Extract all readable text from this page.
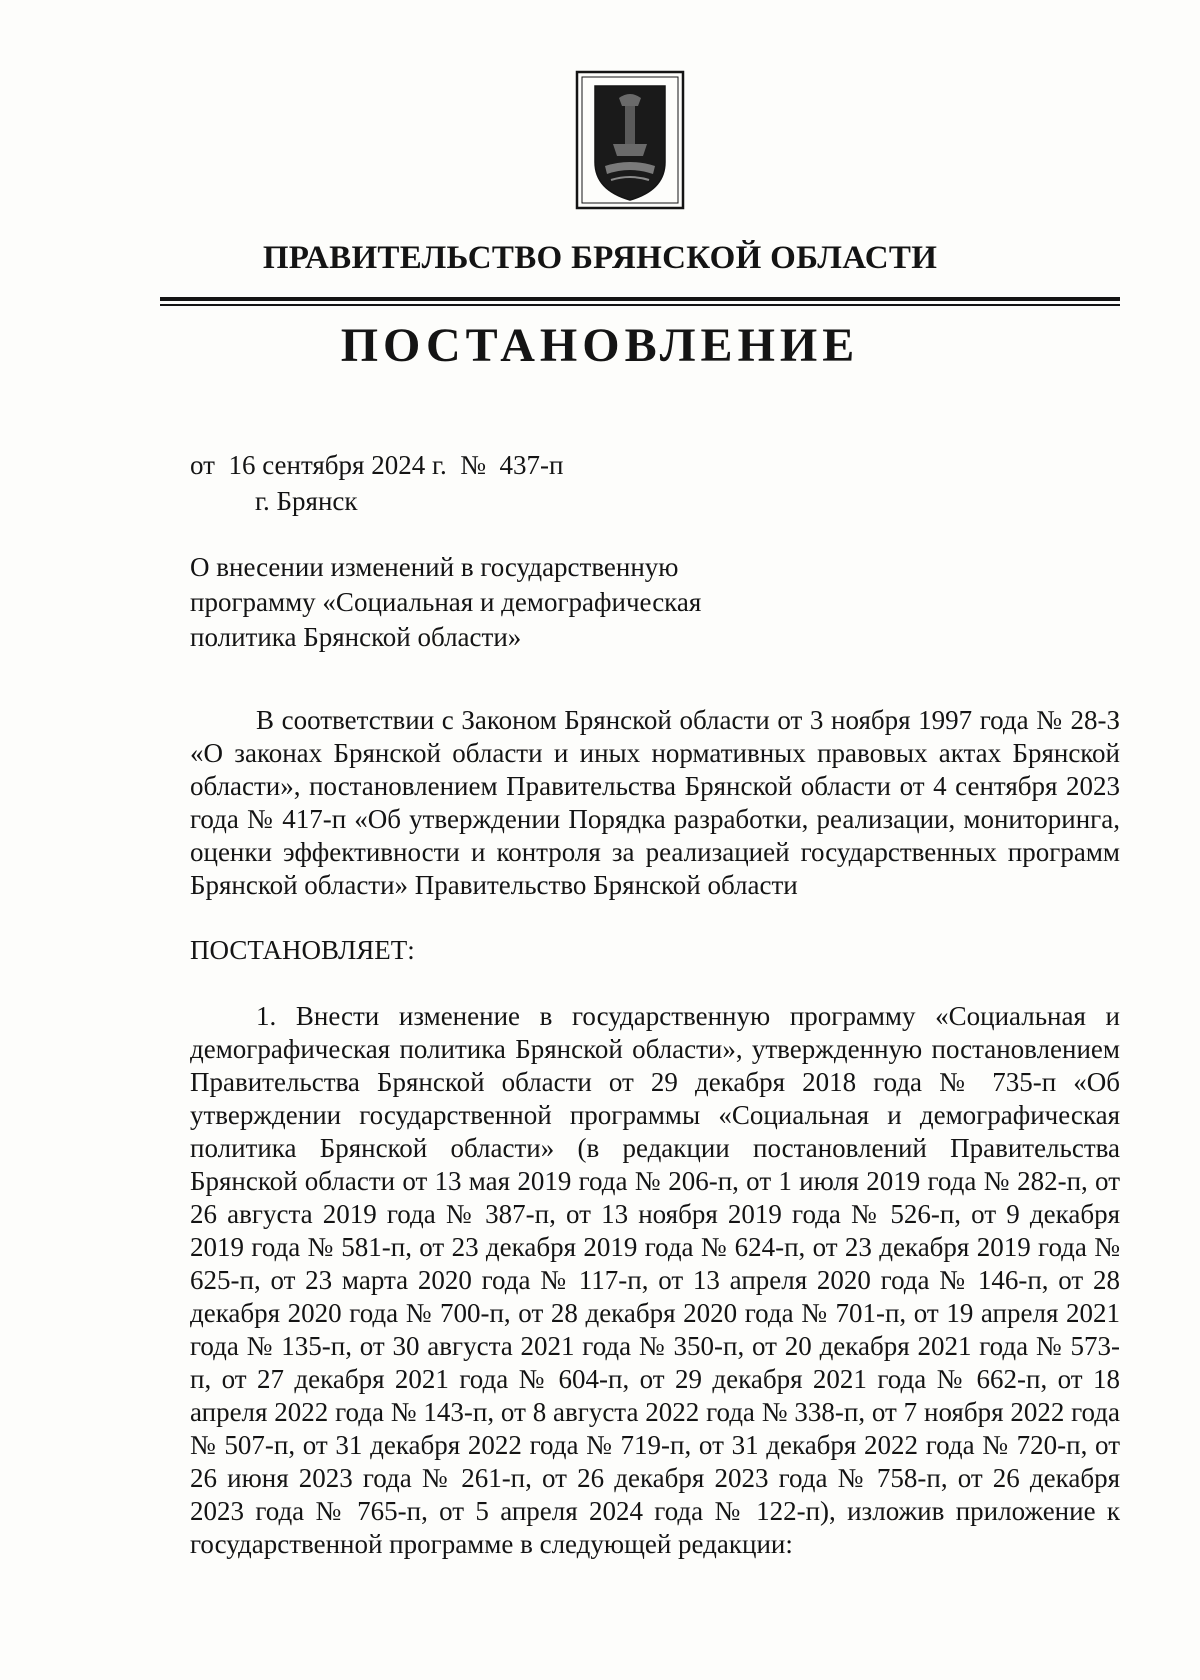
ПРАВИТЕЛЬСТВО БРЯНСКОЙ ОБЛАСТИ
ПОСТАНОВЛЕНИЕ
от  16 сентября 2024 г.  №  437-п
г. Брянск
О внесении изменений в государственную
программу «Социальная и демографическая
политика Брянской области»
В соответствии с Законом Брянской области от 3 ноября 1997 года № 28-З «О законах Брянской области и иных нормативных правовых актах Брянской области», постановлением Правительства Брянской области от 4 сентября 2023 года № 417-п «Об утверждении Порядка разработки, реализации, мониторинга, оценки эффективности и контроля за реализацией государственных программ Брянской области» Правительство Брянской области
ПОСТАНОВЛЯЕТ:
1. Внести изменение в государственную программу «Социальная и демографическая политика Брянской области», утвержденную постановлением Правительства Брянской области от 29 декабря 2018 года № 735-п «Об утверждении государственной программы «Социальная и демографическая политика Брянской области» (в редакции постановлений Правительства Брянской области от 13 мая 2019 года № 206-п, от 1 июля 2019 года № 282-п, от 26 августа 2019 года № 387-п, от 13 ноября 2019 года № 526-п, от 9 декабря 2019 года № 581-п, от 23 декабря 2019 года № 624-п, от 23 декабря 2019 года № 625-п, от 23 марта 2020 года № 117-п, от 13 апреля 2020 года № 146-п, от 28 декабря 2020 года № 700-п, от 28 декабря 2020 года № 701-п, от 19 апреля 2021 года № 135-п, от 30 августа 2021 года № 350-п, от 20 декабря 2021 года № 573-п, от 27 декабря 2021 года № 604-п, от 29 декабря 2021 года № 662-п, от 18 апреля 2022 года № 143-п, от 8 августа 2022 года № 338-п, от 7 ноября 2022 года № 507-п, от 31 декабря 2022 года № 719-п, от 31 декабря 2022 года № 720-п, от 26 июня 2023 года № 261-п, от 26 декабря 2023 года № 758-п, от 26 декабря 2023 года № 765-п, от 5 апреля 2024 года № 122-п), изложив приложение к государственной программе в следующей редакции:
